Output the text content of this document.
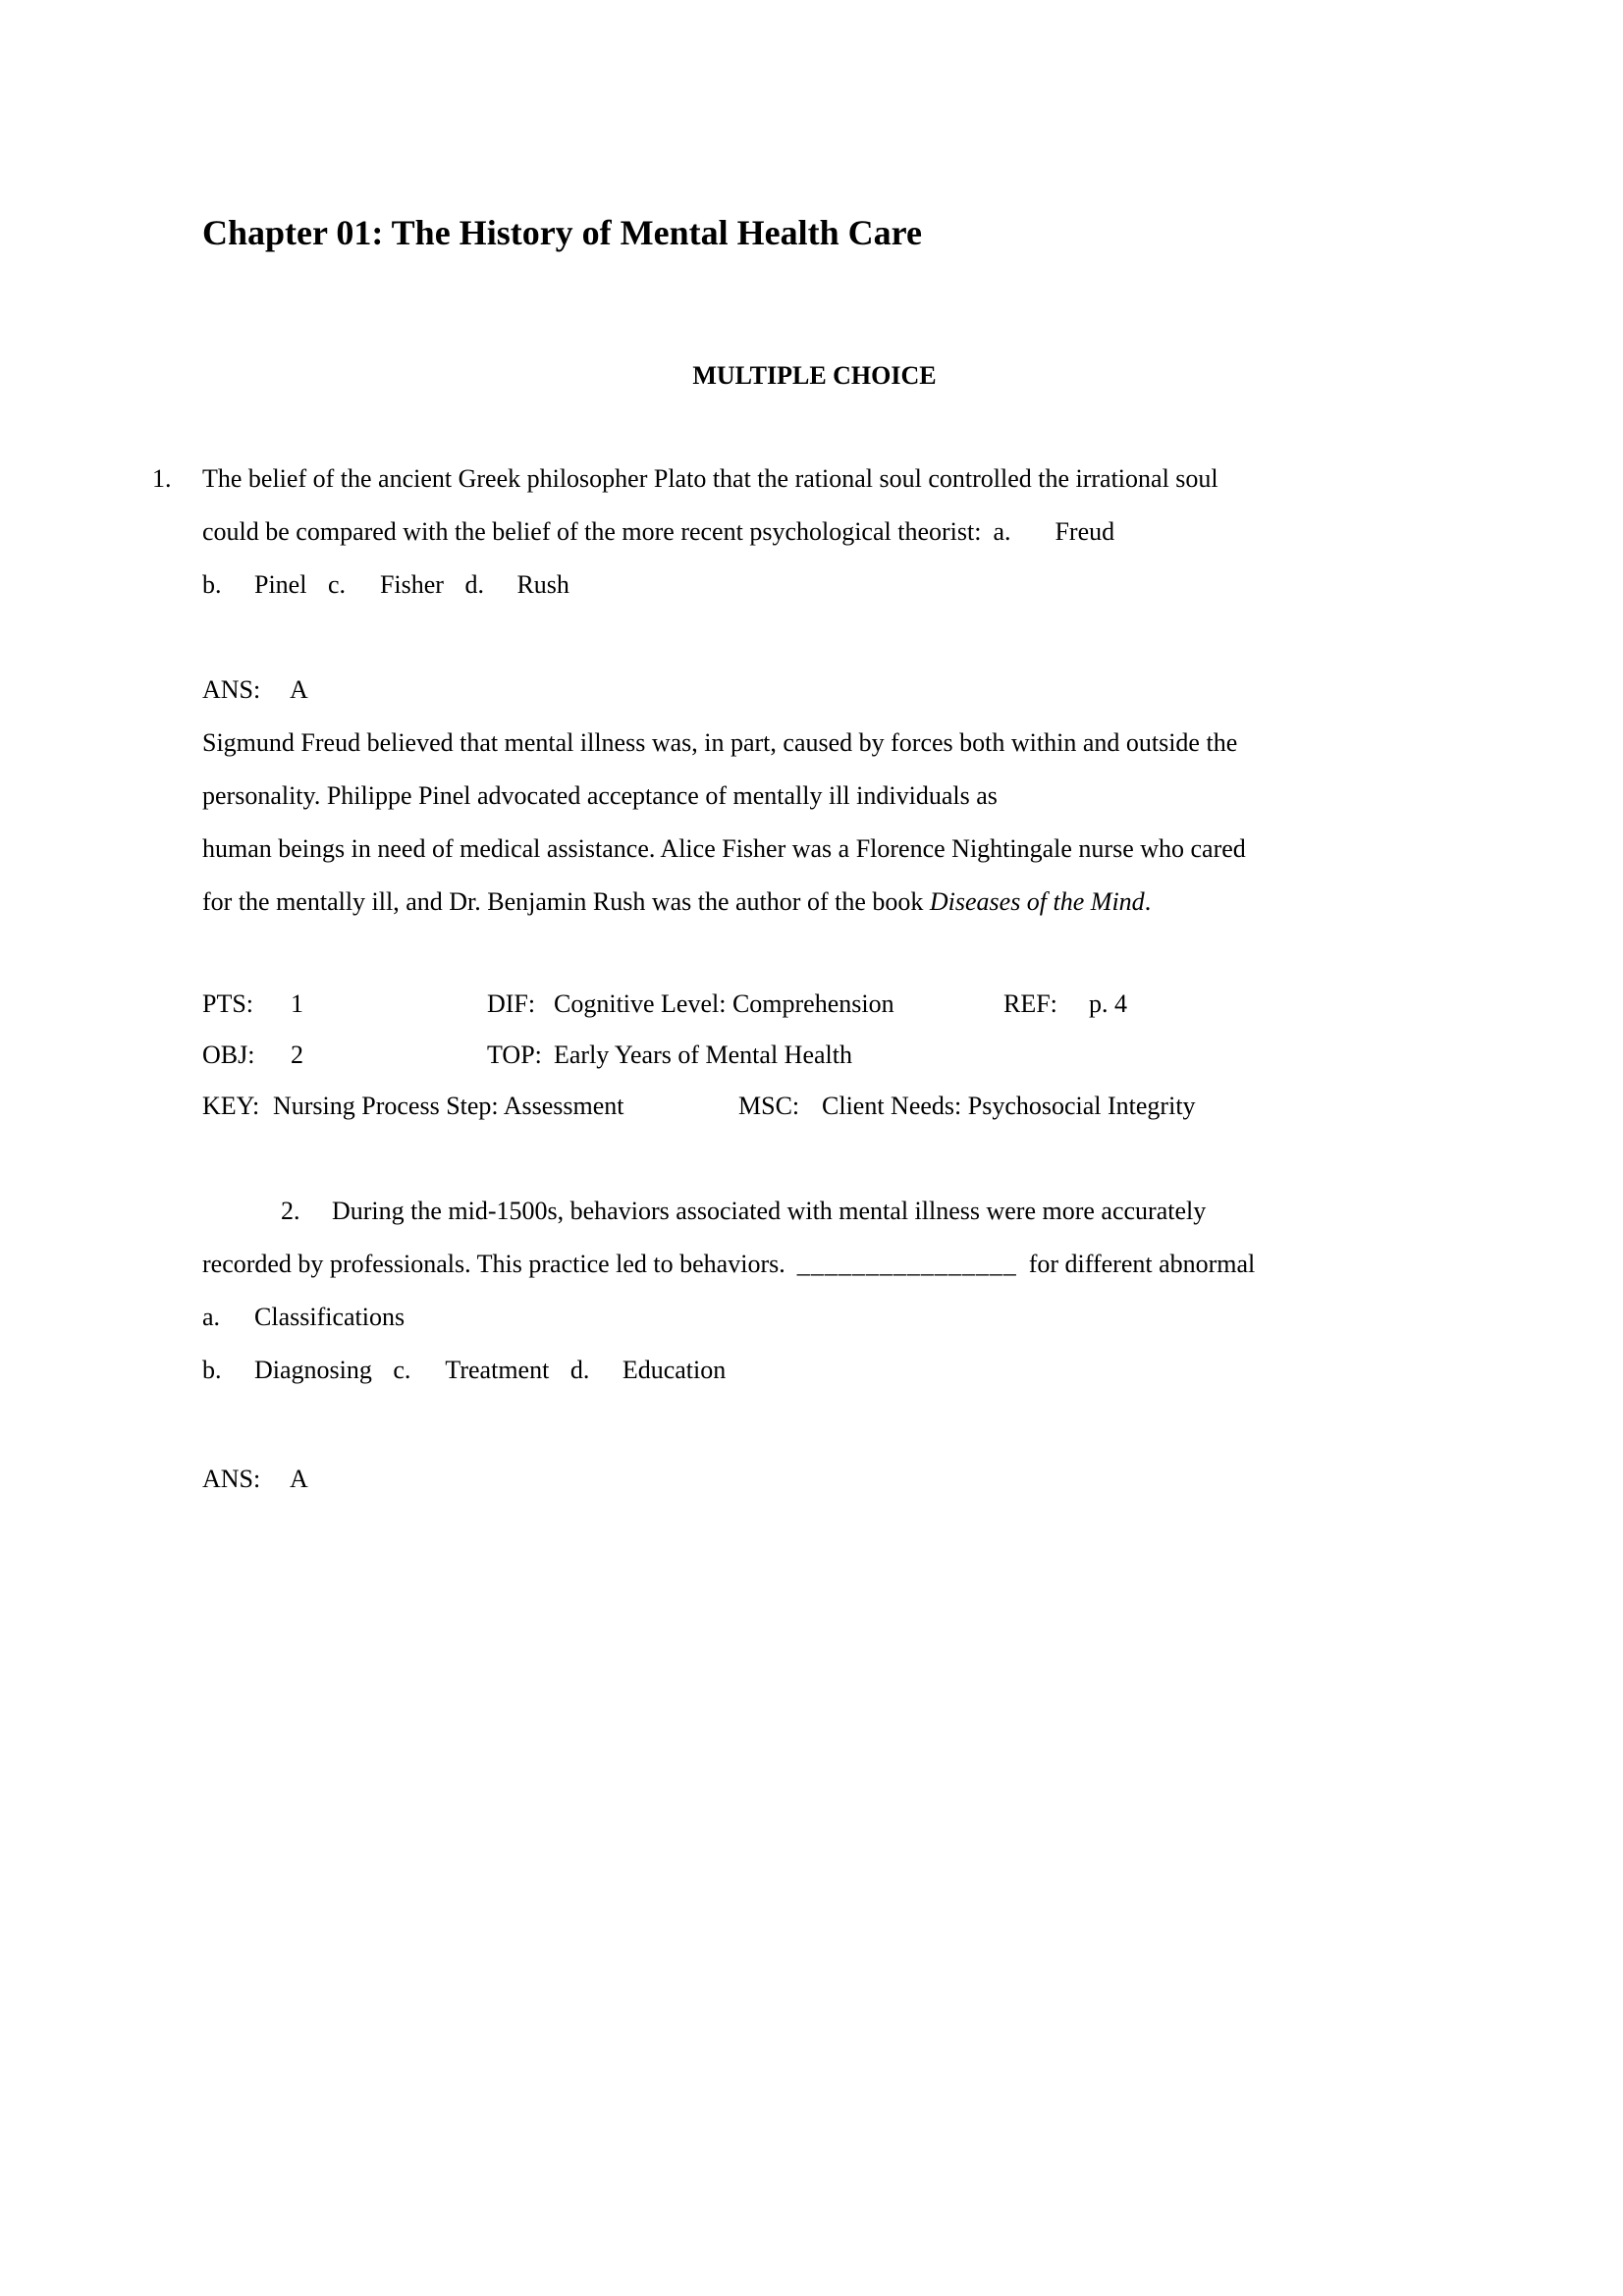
Chapter 01: The History of Mental Health Care
MULTIPLE CHOICE
1. The belief of the ancient Greek philosopher Plato that the rational soul controlled the irrational soul
could be compared with the belief of the more recent psychological theorist: a. Freud
b. Pinel c. Fisher d. Rush
ANS: A
Sigmund Freud believed that mental illness was, in part, caused by forces both within and outside the
personality. Philippe Pinel advocated acceptance of mentally ill individuals as
human beings in need of medical assistance. Alice Fisher was a Florence Nightingale nurse who cared
for the mentally ill, and Dr. Benjamin Rush was the author of the book Diseases of the Mind.
PTS: 1	DIF: Cognitive Level: Comprehension	REF: p. 4
OBJ: 2	TOP: Early Years of Mental Health
KEY: Nursing Process Step: Assessment	MSC: Client Needs: Psychosocial Integrity
2. During the mid-1500s, behaviors associated with mental illness were more accurately
recorded by professionals. This practice led to behaviors. ________________ for different abnormal
a. Classifications
b. Diagnosing c. Treatment d. Education
ANS: A
